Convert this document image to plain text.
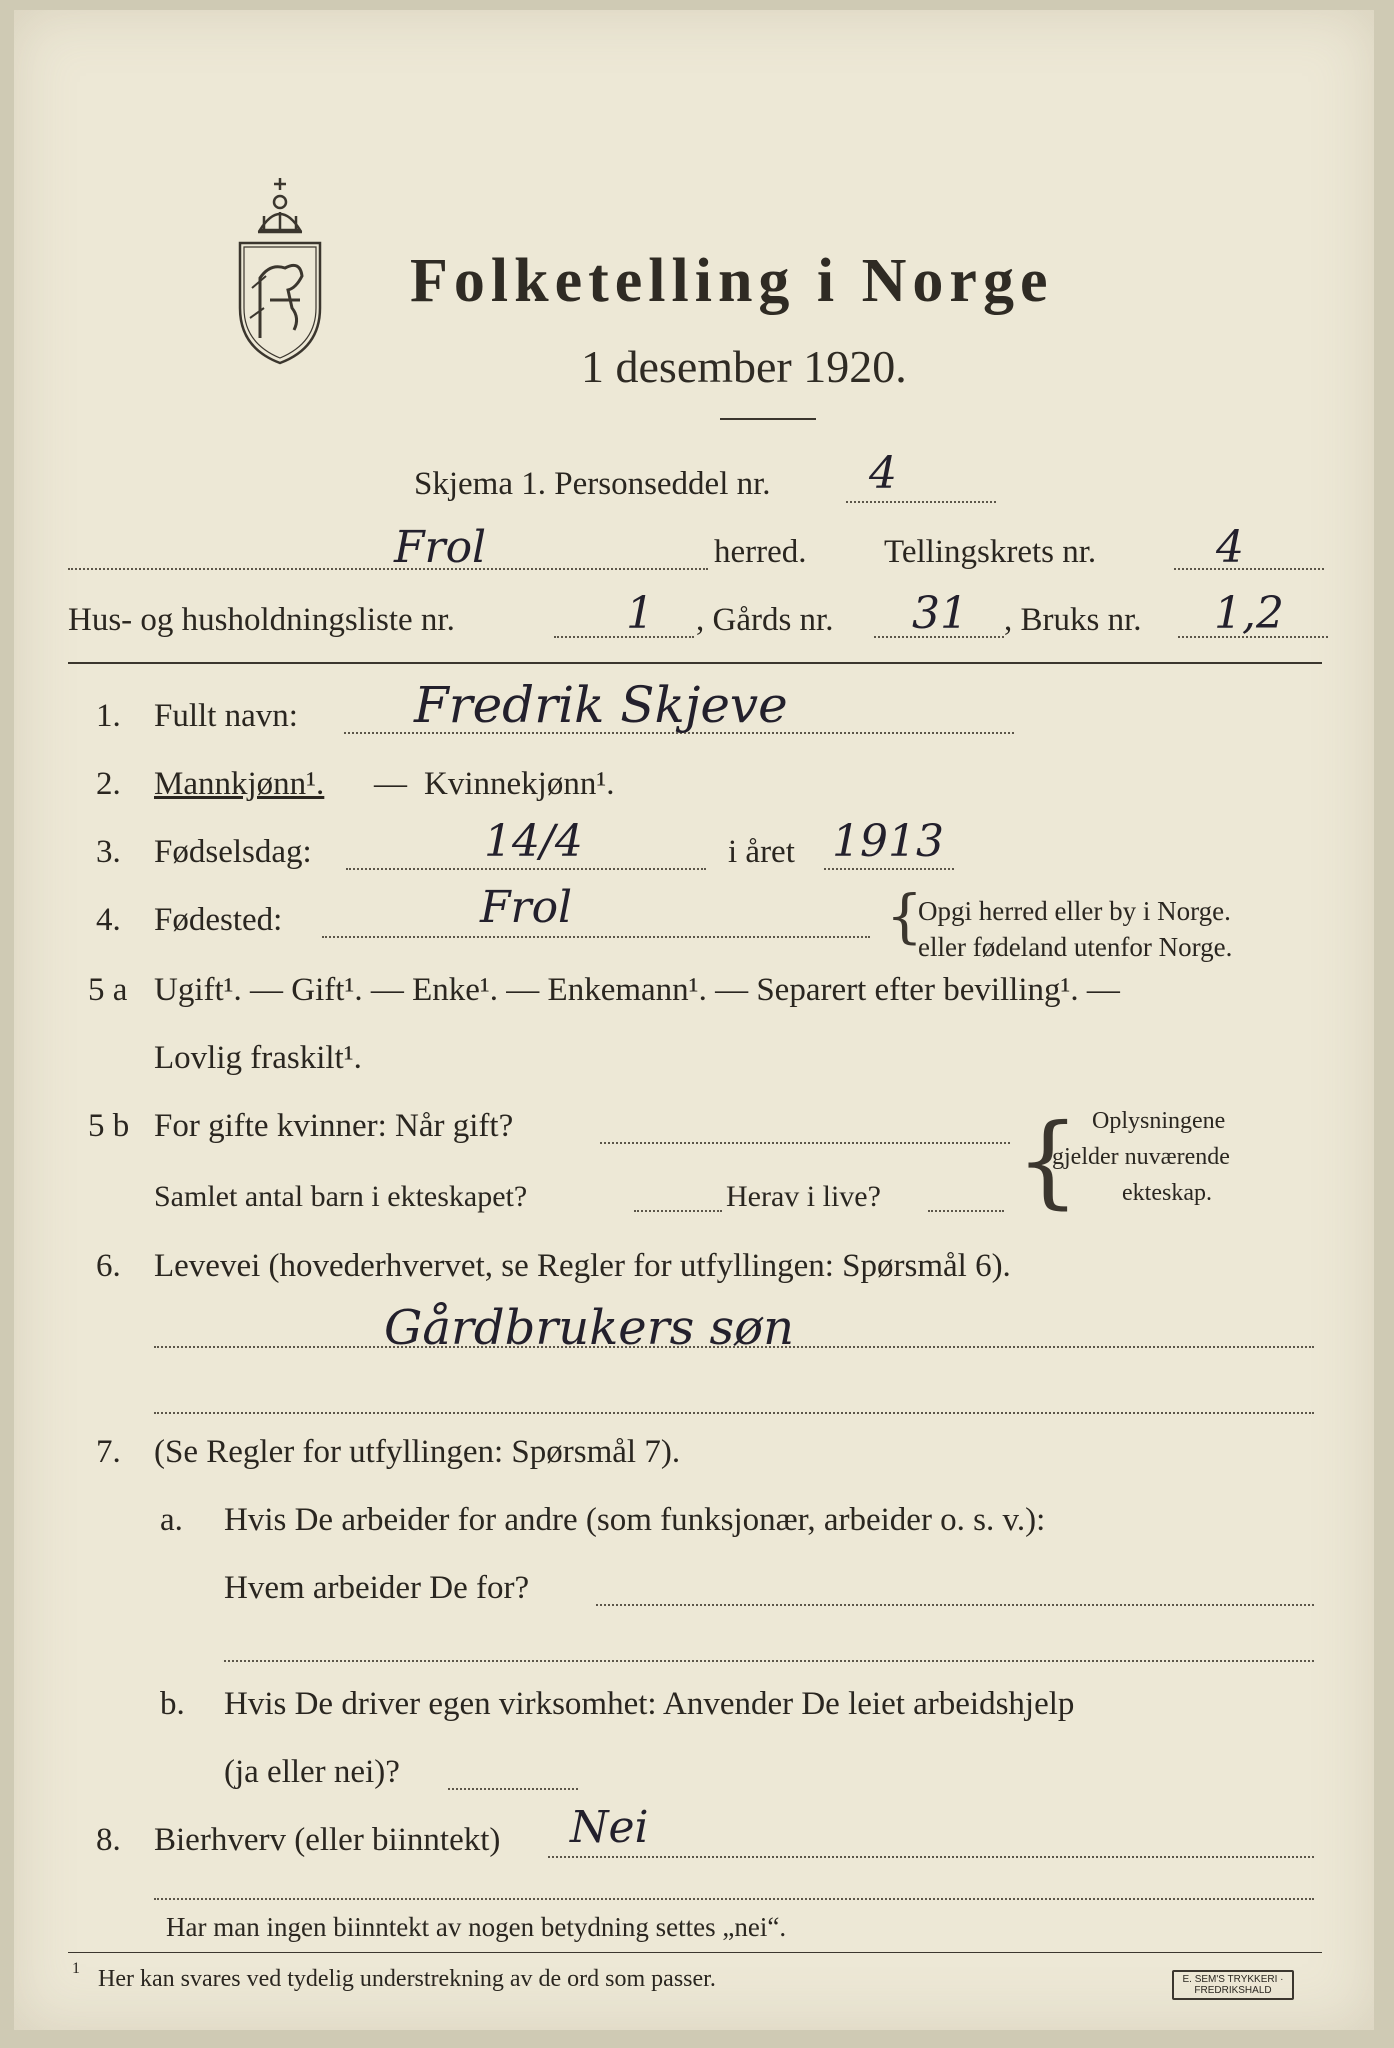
Folketelling i Norge
1 desember 1920.
Skjema 1. Personseddel nr. 4
Frol	herred. Tellingskrets nr.	4
Hus- og husholdningsliste nr.	1 , Gårds nr. 31 , Bruks nr. 1,2
1. Fullt navn: Fredrik Skjeve
2. Mannkjønn¹. — Kvinnekjønn¹.
3. Fødselsdag:	14/4	i året 1913
4. Fødested:	Frol	{
Opgi herred eller by i Norge.
eller fødeland utenfor Norge.
5 a Ugift¹. — Gift¹. — Enke¹. — Enkemann¹. — Separert efter bevilling¹. —
Lovlig fraskilt¹.
5 b For gifte kvinner: Når gift?
Samlet antal barn i ekteskapet?	Herav i live? { Oplysningene
gjelder nuværende
ekteskap.
6. Levevei (hovederhvervet, se Regler for utfyllingen: Spørsmål 6).
Gårdbrukers søn
7. (Se Regler for utfyllingen: Spørsmål 7).
a. Hvis De arbeider for andre (som funksjonær, arbeider o. s. v.):
Hvem arbeider De for?
b. Hvis De driver egen virksomhet: Anvender De leiet arbeidshjelp
(ja eller nei)?
8. Bierhverv (eller biinntekt) Nei
Har man ingen biinntekt av nogen betydning settes „nei“.
1 Her kan svares ved tydelig understrekning av de ord som passer.	E. SEM'S TRYKKERI · FREDRIKSHALD
